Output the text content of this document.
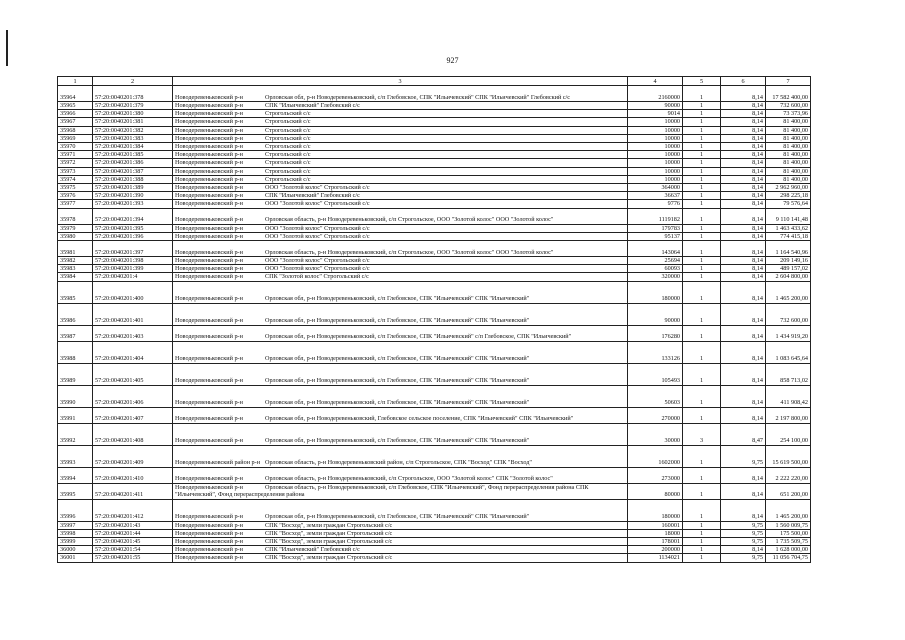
927
1	2	3	4	5	6	7
35964	57:20:0040201:378	Новодеревеньковский р-н Орловская обл, р-н Новодеревеньковский, с/п Глебовское, СПК "Ильичевский" СПК "Ильичевский" Глебовский с/с	2160000	1	8,14	17 582 400,00
35965	57:20:0040201:379	Новодеревеньковский р-н СПК "Ильичевский" Глебовский с/с	90000	1	8,14	732 600,00
35966	57:20:0040201:380	Новодеревеньковский р-н Строгольский с/с	9014	1	8,14	73 373,96
35967	57:20:0040201:381	Новодеревеньковский р-н Строгольский с/с	10000	1	8,14	81 400,00
35968	57:20:0040201:382	Новодеревеньковский р-н Строгольский с/с	10000	1	8,14	81 400,00
35969	57:20:0040201:383	Новодеревеньковский р-н Строгольский с/с	10000	1	8,14	81 400,00
35970	57:20:0040201:384	Новодеревеньковский р-н Строгольский с/с	10000	1	8,14	81 400,00
35971	57:20:0040201:385	Новодеревеньковский р-н Строгольский с/с	10000	1	8,14	81 400,00
35972	57:20:0040201:386	Новодеревеньковский р-н Строгольский с/с	10000	1	8,14	81 400,00
35973	57:20:0040201:387	Новодеревеньковский р-н Строгольский с/с	10000	1	8,14	81 400,00
35974	57:20:0040201:388	Новодеревеньковский р-н Строгольский с/с	10000	1	8,14	81 400,00
35975	57:20:0040201:389	Новодеревеньковский р-н ООО "Золотой колос" Строгольский с/с	364000	1	8,14	2 962 960,00
35976	57:20:0040201:390	Новодеревеньковский р-н СПК "Ильичевский" Глебовский с/с	36637	1	8,14	298 225,18
35977	57:20:0040201:393	Новодеревеньковский р-н ООО "Золотой колос" Строгольский с/с	9776	1	8,14	79 576,64
35978	57:20:0040201:394	Новодеревеньковский р-н Орловская область, р-н Новодеревеньковский, с/п Строгольское, ООО "Золотой колос" ООО "Золотой колос"	1119182	1	8,14	9 110 141,48
35979	57:20:0040201:395	Новодеревеньковский р-н ООО "Золотой колос" Строгольский с/с	179783	1	8,14	1 463 433,62
35980	57:20:0040201:396	Новодеревеньковский р-н ООО "Золотой колос" Строгольский с/с	95137	1	8,14	774 415,18
35981	57:20:0040201:397	Новодеревеньковский р-н Орловская область, р-н Новодеревеньковский, с/п Строгольское, ООО "Золотой колос" ООО "Золотой колос"	143064	1	8,14	1 164 540,96
35982	57:20:0040201:398	Новодеревеньковский р-н ООО "Золотой колос" Строгольский с/с	25694	1	8,14	209 149,16
35983	57:20:0040201:399	Новодеревеньковский р-н ООО "Золотой колос" Строгольский с/с	60093	1	8,14	489 157,02
35984	57:20:0040201:4	Новодеревеньковский р-н СПК "Золотой колос" Строгольский с/с	320000	1	8,14	2 604 800,00
35985	57:20:0040201:400	Новодеревеньковский р-н Орловская обл, р-н Новодеревеньковский, с/п Глебовское, СПК "Ильичевский" СПК "Ильичевский"	180000	1	8,14	1 465 200,00
35986	57:20:0040201:401	Новодеревеньковский р-н Орловская обл, р-н Новодеревеньковский, с/п Глебовское, СПК "Ильичевский" СПК "Ильичевский"	90000	1	8,14	732 600,00
35987	57:20:0040201:403	Новодеревеньковский р-н Орловская обл, р-н Новодеревеньковский, с/п Глебовское, СПК "Ильичевский" с/п Глебовское, СПК "Ильичевский"	176280	1	8,14	1 434 919,20
35988	57:20:0040201:404	Новодеревеньковский р-н Орловская обл, р-н Новодеревеньковский, с/п Глебовское, СПК "Ильичевский" СПК "Ильичевский"	133126	1	8,14	1 083 645,64
35989	57:20:0040201:405	Новодеревеньковский р-н Орловская обл, р-н Новодеревеньковский, с/п Глебовское, СПК "Ильичевский" СПК "Ильичевский"	105493	1	8,14	858 713,02
35990	57:20:0040201:406	Новодеревеньковский р-н Орловская обл, р-н Новодеревеньковский, с/п Глебовское, СПК "Ильичевский" СПК "Ильичевский"	50603	1	8,14	411 908,42
35991	57:20:0040201:407	Новодеревеньковский р-н Орловская обл, р-н Новодеревеньковский, Глебовское сельское поселение, СПК "Ильичевский" СПК "Ильичевский"	270000	1	8,14	2 197 800,00
35992	57:20:0040201:408	Новодеревеньковский р-н Орловская обл, р-н Новодеревеньковский, с/п Глебовское, СПК "Ильичевский" СПК "Ильичевский"	30000	3	8,47	254 100,00
35993	57:20:0040201:409	Новодеревеньковский район р-н Орловская область, р-н Новодеревеньковский район, с/п Строгольское, СПК "Восход" СПК "Восход"	1602000	1	9,75	15 619 500,00
35994	57:20:0040201:410	Новодеревеньковский р-н Орловская область, р-н Новодеревеньковский, с/п Строгольское, ООО "Золотой колос" СПК "Золотой колос"	273000	1	8,14	2 222 220,00
35995	57:20:0040201:411	Новодеревеньковский р-н Орловская область, р-н Новодеревеньковский, с/п Глебовское, СПК "Ильичевский", Фонд перераспределения района СПК "Ильичевский", Фонд перераспределения района	80000	1	8,14	651 200,00
35996	57:20:0040201:412	Новодеревеньковский р-н Орловская обл, р-н Новодеревеньковский, с/п Глебовское, СПК "Ильичевский" СПК "Ильичевский"	180000	1	8,14	1 465 200,00
35997	57:20:0040201:43	Новодеревеньковский р-н СПК "Восход", земли граждан Строгольский с/с	160001	1	9,75	1 560 009,75
35998	57:20:0040201:44	Новодеревеньковский р-н СПК "Восход", земли граждан Строгольский с/с	18000	1	9,75	175 500,00
35999	57:20:0040201:45	Новодеревеньковский р-н СПК "Восход", земли граждан Строгольский с/с	178001	1	9,75	1 735 509,75
36000	57:20:0040201:54	Новодеревеньковский р-н СПК "Ильичевский" Глебовский с/с	200000	1	8,14	1 628 000,00
36001	57:20:0040201:55	Новодеревеньковский р-н СПК "Восход", земли граждан Строгольский с/с	1134021	1	9,75	11 056 704,75
